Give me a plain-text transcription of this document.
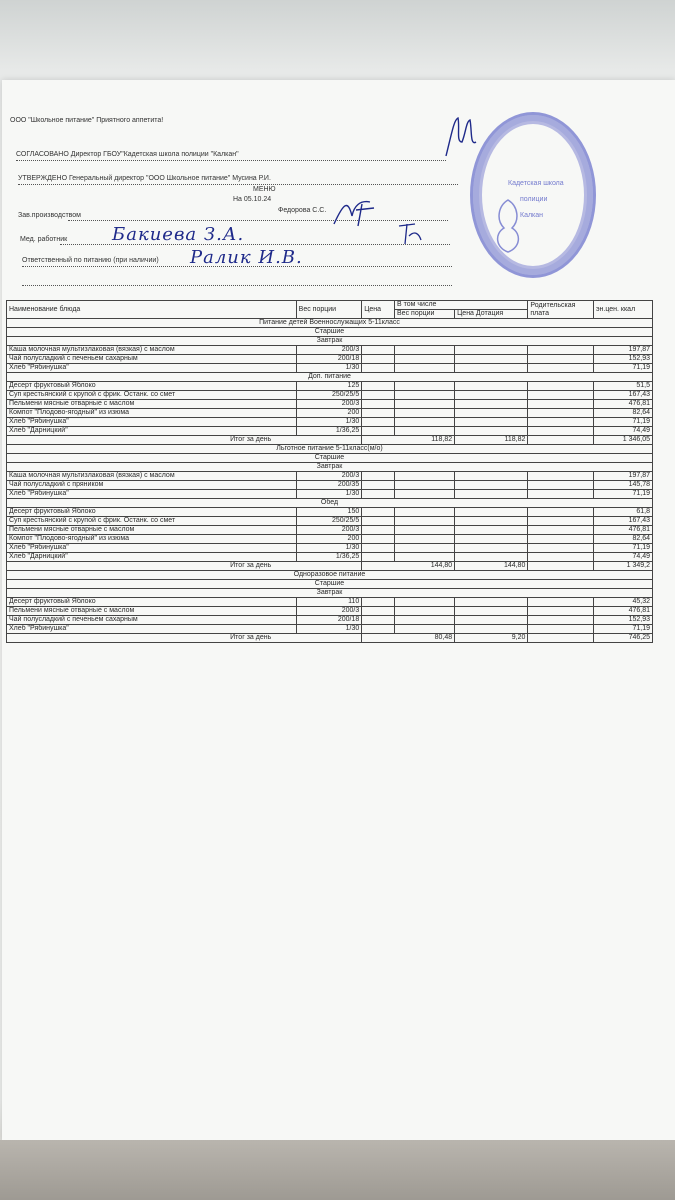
ООО "Школьное питание" Приятного аппетита!
СОГЛАСОВАНО Директор ГБОУ"Кадетская школа полиции "Калкан"
УТВЕРЖДЕНО Генеральный директор "ООО Школьное питание" Мусина Р.И.
МЕНЮ
На 05.10.24
Зав.производством
Федорова С.С.
Мед. работник Бакиева З.А.
Ответственный по питанию (при наличии) Ралик И.В.
Кадетская школа
полиции
Калкан
Наименование блюда	Вес порции	Цена	В том числе		Родительская плата	эн.цен. ккал
			Вес порции	Цена Дотация		
Питание детей Военнослужащих 5-11класс						
Старшие						
Завтрак						
Каша молочная мультизлаковая (вязкая) с маслом	200/3					197,87
Чай полусладкий с печеньем сахарным	200/18					152,93
Хлеб "Рябинушка"	1/30					71,19
Доп. питание						
Десерт фруктовый Яблоко	125					51,5
Суп крестьянский с крупой с фрик. Останк. со смет	250/25/5					167,43
Пельмени мясные отварные с маслом	200/3					476,81
Компот "Плодово-ягодный" из изюма	200					82,64
Хлеб "Рябинушка"	1/30					71,19
Хлеб "Дарницкий"	1/36,25					74,49
Итог за день		118,82		118,82		1 346,05
Льготное питание 5-11класс(м/о)						
Старшие						
Завтрак						
Каша молочная мультизлаковая (вязкая) с маслом	200/3					197,87
Чай полусладкий с пряником	200/35					145,78
Хлеб "Рябинушка"	1/30					71,19
Обед						
Десерт фруктовый Яблоко	150					61,8
Суп крестьянский с крупой с фрик. Останк. со смет	250/25/5					167,43
Пельмени мясные отварные с маслом	200/3					476,81
Компот "Плодово-ягодный" из изюма	200					82,64
Хлеб "Рябинушка"	1/30					71,19
Хлеб "Дарницкий"	1/36,25					74,49
Итог за день		144,80		144,80		1 349,2
Одноразовое питание						
Старшие						
Завтрак						
Десерт фруктовый Яблоко	110					45,32
Пельмени мясные отварные с маслом	200/3					476,81
Чай полусладкий с печеньем сахарным	200/18					152,93
Хлеб "Рябинушка"	1/30					71,19
Итог за день		80,48		9,20		746,25
